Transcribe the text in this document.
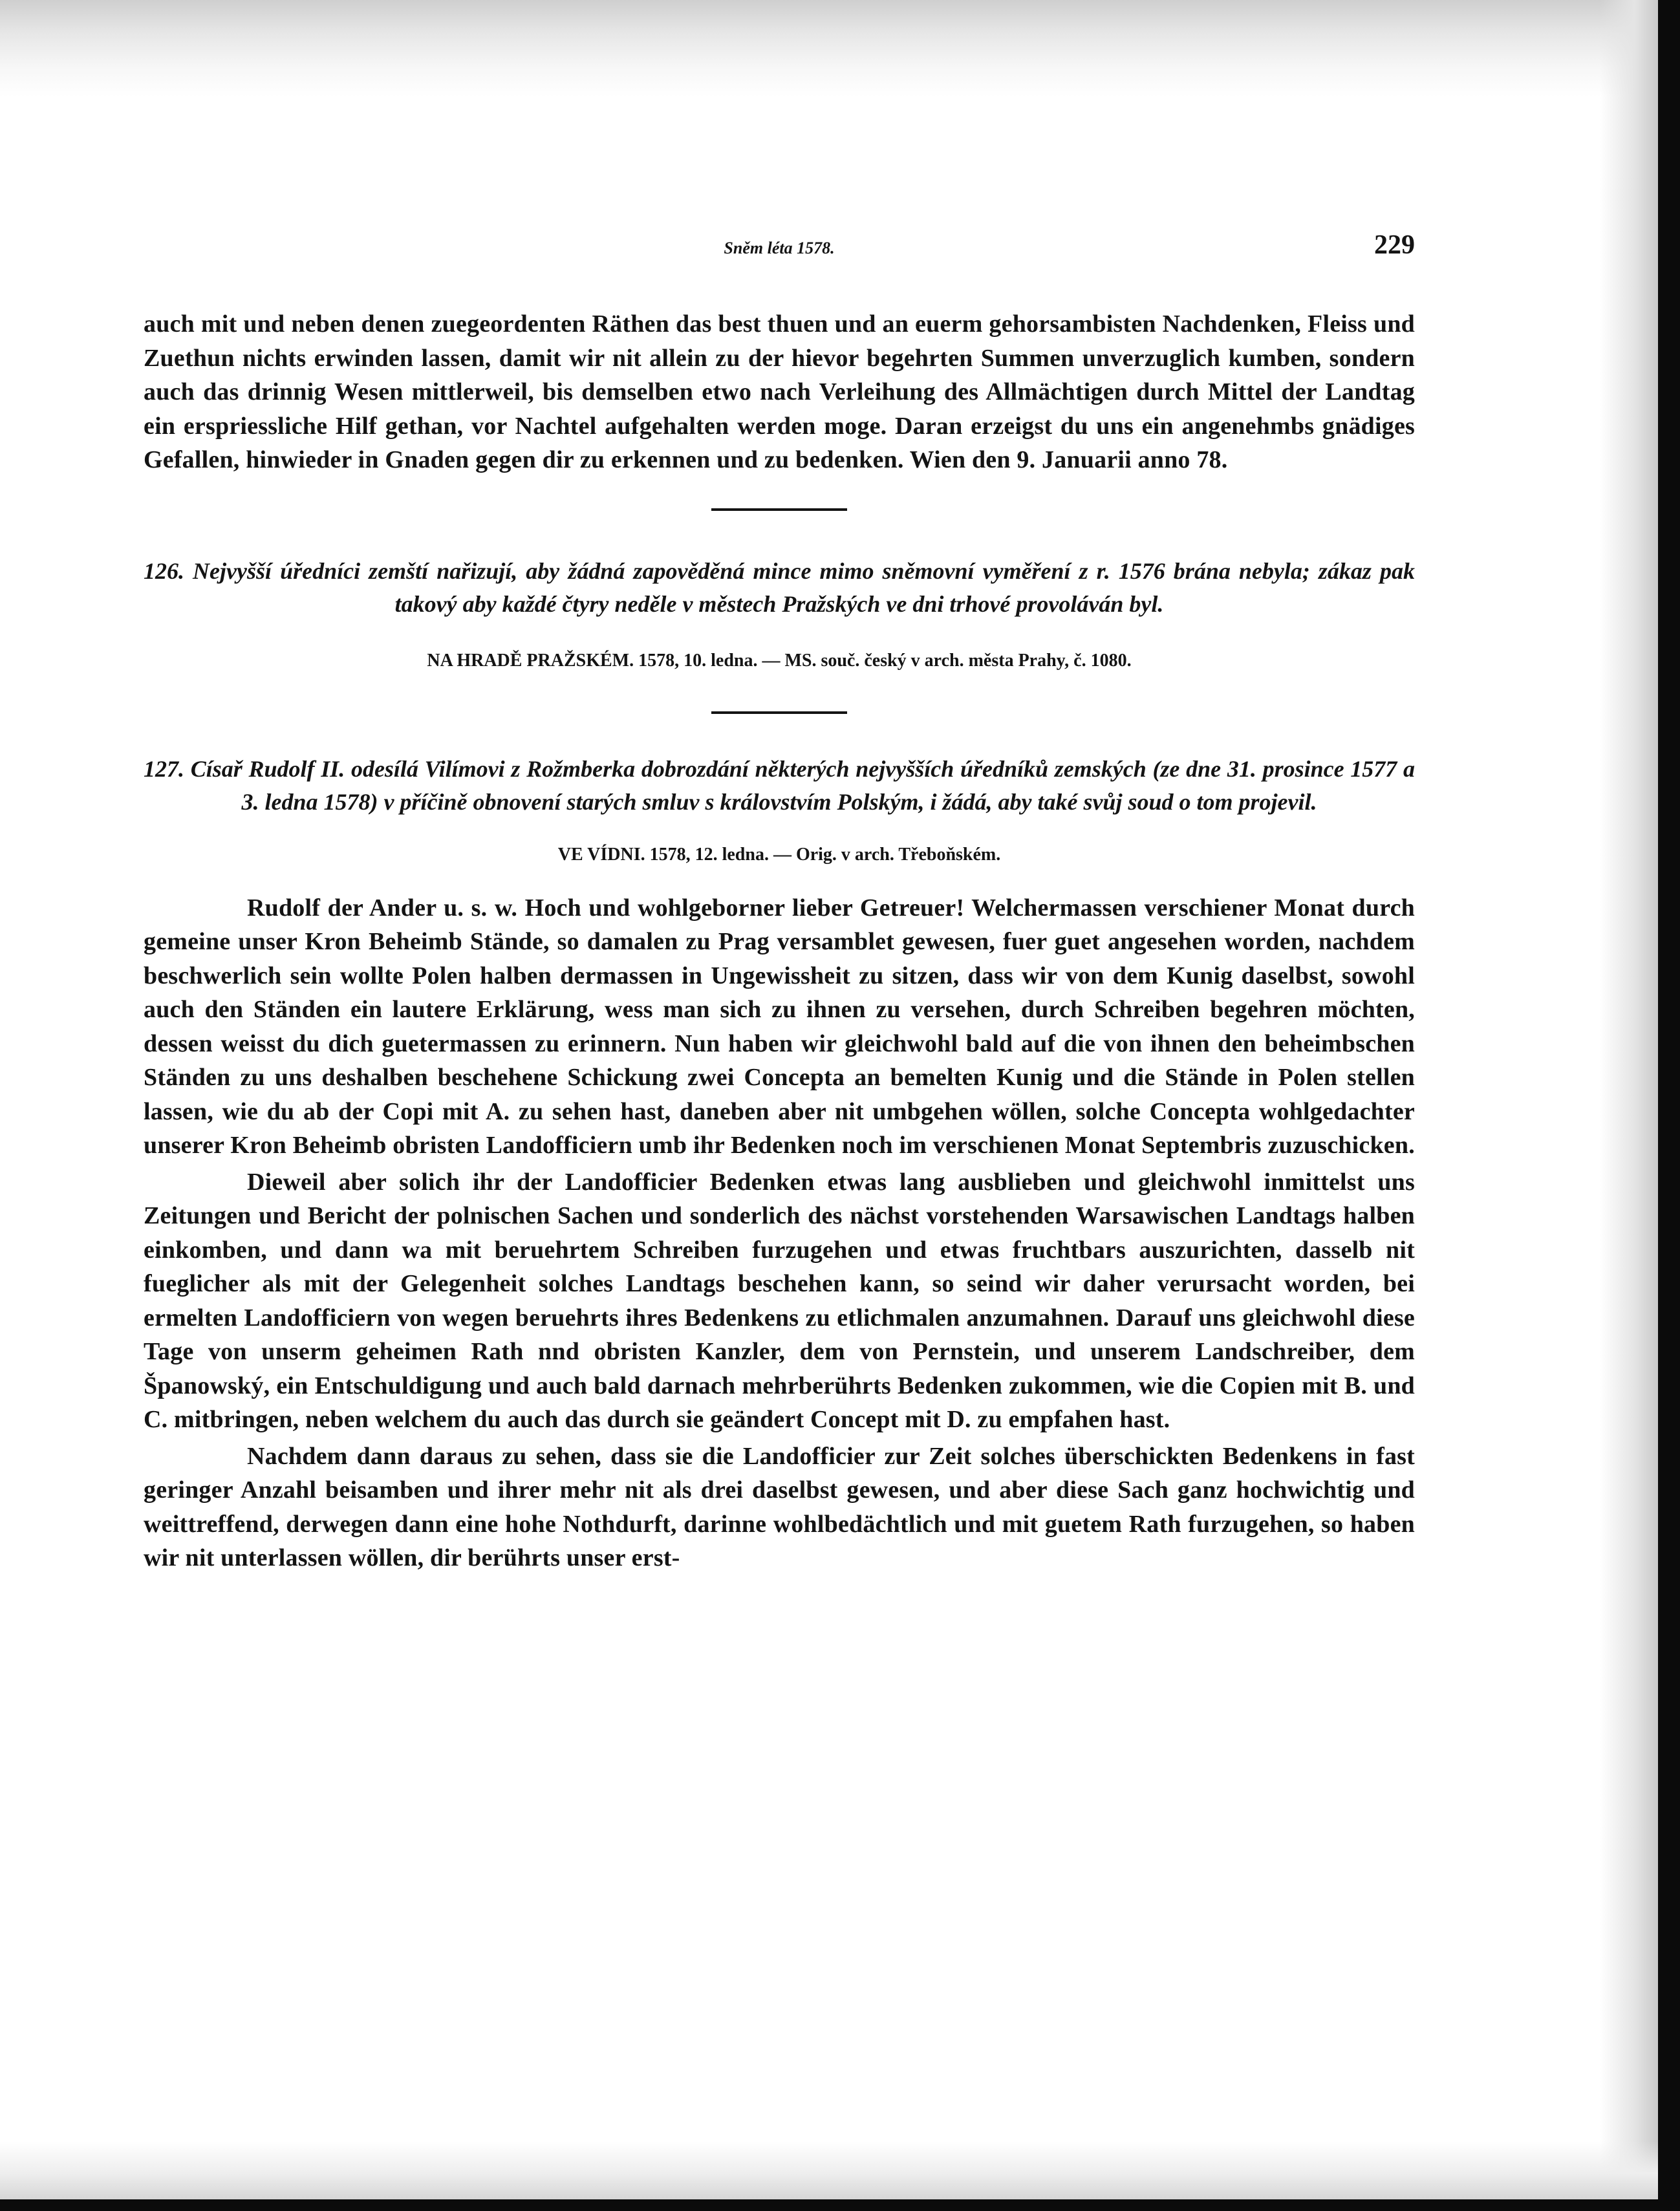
Sněm léta 1578.	229

auch mit und neben denen zuegeordenten Räthen das best thuen und an euerm gehorsambisten Nachdenken, Fleiss und Zuethun nichts erwinden lassen, damit wir nit allein zu der hievor begehrten Summen unverzuglich kumben, sondern auch das drinnig Wesen mittlerweil, bis demselben etwo nach Verleihung des Allmächtigen durch Mittel der Landtag ein erspriessliche Hilf gethan, vor Nachtel aufgehalten werden moge. Daran erzeigst du uns ein angenehmbs gnädiges Gefallen, hinwieder in Gnaden gegen dir zu erkennen und zu bedenken. Wien den 9. Januarii anno 78.

126. Nejvyšší úředníci zemští nařizují, aby žádná zapověděná mince mimo sněmovní vyměření z r. 1576 brána nebyla; zákaz pak takový aby každé čtyry neděle v městech Pražských ve dni trhové provoláván byl.

NA HRADĚ PRAŽSKÉM. 1578, 10. ledna. — MS. souč. český v arch. města Prahy, č. 1080.

127. Císař Rudolf II. odesílá Vilímovi z Rožmberka dobrozdání některých nejvyšších úředníků zemských (ze dne 31. prosince 1577 a 3. ledna 1578) v příčině obnovení starých smluv s královstvím Polským, i žádá, aby také svůj soud o tom projevil.

VE VÍDNI. 1578, 12. ledna. — Orig. v arch. Třeboňském.

Rudolf der Ander u. s. w. Hoch und wohlgeborner lieber Getreuer! Welchermassen verschiener Monat durch gemeine unser Kron Beheimb Stände, so damalen zu Prag versamblet gewesen, fuer guet angesehen worden, nachdem beschwerlich sein wollte Polen halben dermassen in Ungewissheit zu sitzen, dass wir von dem Kunig daselbst, sowohl auch den Ständen ein lautere Erklärung, wess man sich zu ihnen zu versehen, durch Schreiben begehren möchten, dessen weisst du dich guetermassen zu erinnern. Nun haben wir gleichwohl bald auf die von ihnen den beheimbschen Ständen zu uns deshalben beschehene Schickung zwei Concepta an bemelten Kunig und die Stände in Polen stellen lassen, wie du ab der Copi mit A. zu sehen hast, daneben aber nit umbgehen wöllen, solche Concepta wohlgedachter unserer Kron Beheimb obristen Landofficiern umb ihr Bedenken noch im verschienen Monat Septembris zuzuschicken.

Dieweil aber solich ihr der Landofficier Bedenken etwas lang ausblieben und gleichwohl inmittelst uns Zeitungen und Bericht der polnischen Sachen und sonderlich des nächst vorstehenden Warsawischen Landtags halben einkomben, und dann wa mit beruehrtem Schreiben furzugehen und etwas fruchtbars auszurichten, dasselb nit fueglicher als mit der Gelegenheit solches Landtags beschehen kann, so seind wir daher verursacht worden, bei ermelten Landofficiern von wegen beruehrts ihres Bedenkens zu etlichmalen anzumahnen. Darauf uns gleichwohl diese Tage von unserm geheimen Rath nnd obristen Kanzler, dem von Pernstein, und unserem Landschreiber, dem Španowský, ein Entschuldigung und auch bald darnach mehrberührts Bedenken zukommen, wie die Copien mit B. und C. mitbringen, neben welchem du auch das durch sie geändert Concept mit D. zu empfahen hast.

Nachdem dann daraus zu sehen, dass sie die Landofficier zur Zeit solches überschickten Bedenkens in fast geringer Anzahl beisamben und ihrer mehr nit als drei daselbst gewesen, und aber diese Sach ganz hochwichtig und weittreffend, derwegen dann eine hohe Nothdurft, darinne wohlbedächtlich und mit guetem Rath furzugehen, so haben wir nit unterlassen wöllen, dir berührts unser erst-
